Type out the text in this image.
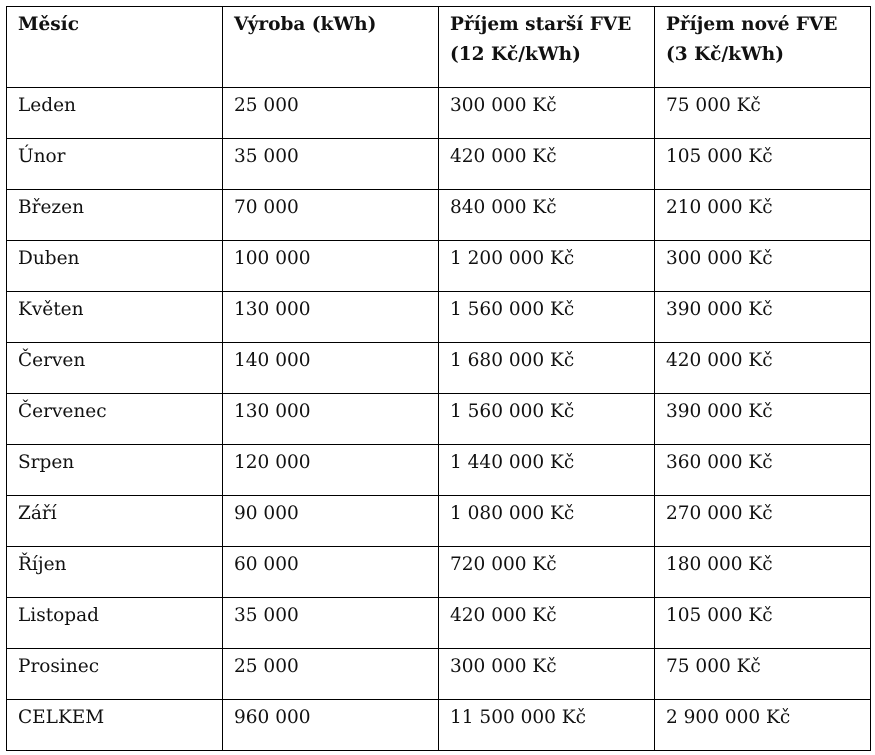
Měsíc	Výroba (kWh)	Příjem starší FVE (12 Kč/kWh)	Příjem nové FVE (3 Kč/kWh)
Leden	25 000	300 000 Kč	75 000 Kč
Únor	35 000	420 000 Kč	105 000 Kč
Březen	70 000	840 000 Kč	210 000 Kč
Duben	100 000	1 200 000 Kč	300 000 Kč
Květen	130 000	1 560 000 Kč	390 000 Kč
Červen	140 000	1 680 000 Kč	420 000 Kč
Červenec	130 000	1 560 000 Kč	390 000 Kč
Srpen	120 000	1 440 000 Kč	360 000 Kč
Září	90 000	1 080 000 Kč	270 000 Kč
Říjen	60 000	720 000 Kč	180 000 Kč
Listopad	35 000	420 000 Kč	105 000 Kč
Prosinec	25 000	300 000 Kč	75 000 Kč
CELKEM	960 000	11 500 000 Kč	2 900 000 Kč
